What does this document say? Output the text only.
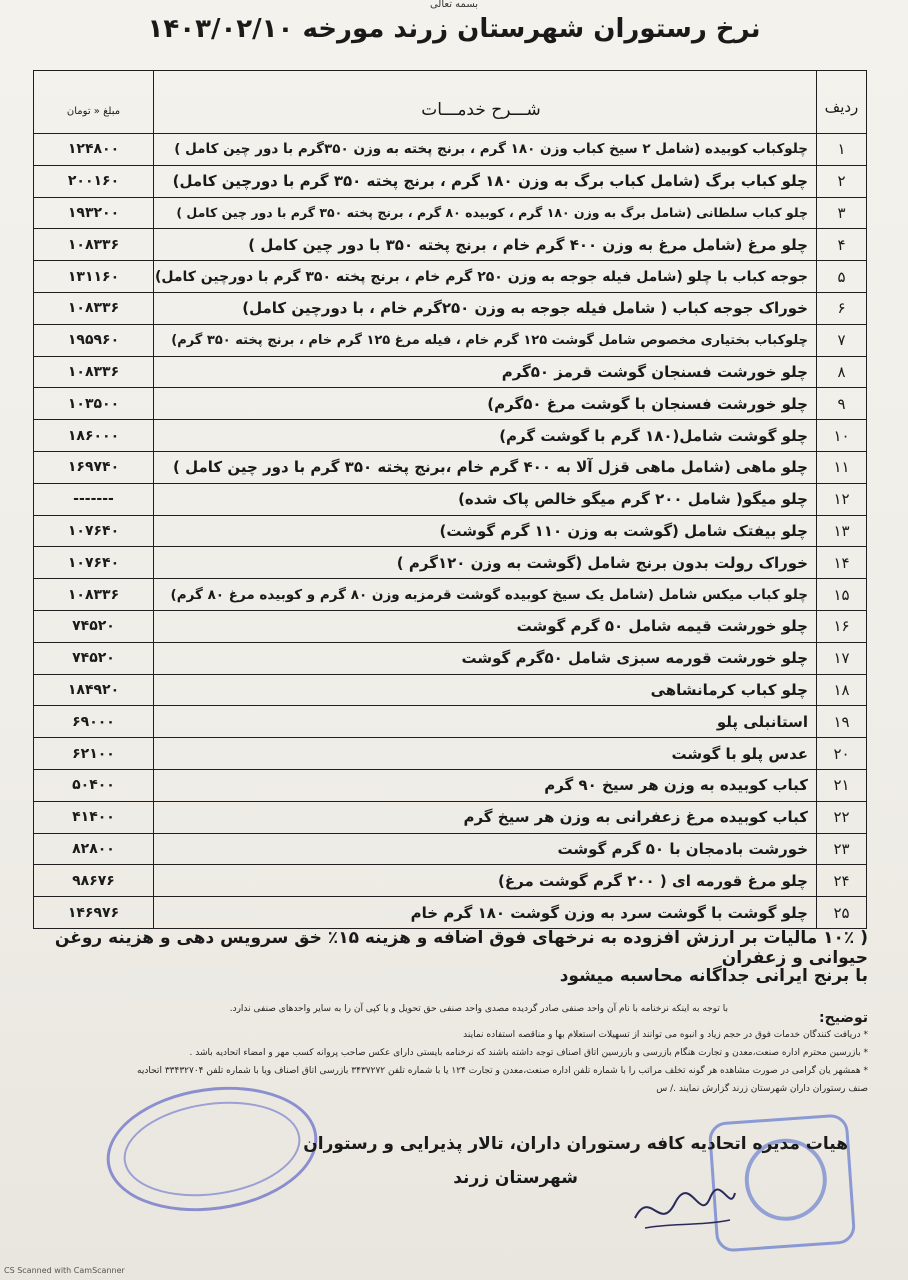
بسمه تعالی
نرخ رستوران شهرستان زرند مورخه ۱۴۰۳/۰۲/۱۰
ردیف	شـــرح خدمـــات	مبلغ « تومان
۱	چلوکباب کوبیده (شامل ۲ سیخ کباب وزن ۱۸۰ گرم ، برنج پخته به وزن ۳۵۰گرم با دور چین کامل )	۱۲۴۸۰۰
۲	چلو کباب برگ (شامل کباب برگ به وزن ۱۸۰ گرم ، برنج پخته ۳۵۰ گرم با دورچین کامل)	۲۰۰۱۶۰
۳	چلو کباب سلطانی (شامل برگ به وزن ۱۸۰ گرم ، کوبیده ۸۰ گرم ، برنج پخته ۳۵۰ گرم با دور چین کامل )	۱۹۳۲۰۰
۴	چلو مرغ (شامل مرغ به وزن ۴۰۰ گرم خام ، برنج پخته ۳۵۰ با دور چین کامل )	۱۰۸۳۳۶
۵	جوجه کباب با چلو (شامل فیله جوجه به وزن ۲۵۰ گرم خام ، برنج پخته ۳۵۰ گرم با دورچین کامل)	۱۳۱۱۶۰
۶	خوراک جوجه کباب ( شامل فیله جوجه به وزن ۲۵۰گرم خام ، با دورچین کامل)	۱۰۸۳۳۶
۷	چلوکباب بختیاری مخصوص شامل گوشت ۱۲۵ گرم خام ، فیله مرغ ۱۲۵ گرم خام ، برنج پخته ۳۵۰ گرم)	۱۹۵۹۶۰
۸	چلو خورشت فسنجان گوشت قرمز ۵۰گرم	۱۰۸۳۳۶
۹	چلو خورشت فسنجان با گوشت مرغ ۵۰گرم)	۱۰۳۵۰۰
۱۰	چلو گوشت شامل(۱۸۰ گرم با گوشت گرم)	۱۸۶۰۰۰
۱۱	چلو ماهی (شامل ماهی قزل آلا به ۴۰۰ گرم خام ،برنج پخته ۳۵۰ گرم با دور چین کامل )	۱۶۹۷۴۰
۱۲	چلو میگو( شامل ۲۰۰ گرم میگو خالص پاک شده)	-------
۱۳	چلو بیفتک شامل (گوشت به وزن ۱۱۰ گرم گوشت)	۱۰۷۶۴۰
۱۴	خوراک رولت بدون برنج شامل (گوشت به وزن ۱۲۰گرم )	۱۰۷۶۴۰
۱۵	چلو کباب میکس شامل (شامل یک سیخ کوبیده گوشت قرمزبه وزن ۸۰ گرم و کوبیده مرغ ۸۰ گرم)	۱۰۸۳۳۶
۱۶	چلو خورشت قیمه شامل ۵۰ گرم گوشت	۷۴۵۲۰
۱۷	چلو خورشت قورمه سبزی شامل ۵۰گرم گوشت	۷۴۵۲۰
۱۸	چلو کباب کرمانشاهی	۱۸۴۹۲۰
۱۹	استانبلی پلو	۶۹۰۰۰
۲۰	عدس پلو با گوشت	۶۲۱۰۰
۲۱	کباب کوبیده به وزن هر سیخ ۹۰ گرم	۵۰۴۰۰
۲۲	کباب کوبیده مرغ زعفرانی به وزن هر سیخ گرم	۴۱۴۰۰
۲۳	خورشت بادمجان با ۵۰ گرم گوشت	۸۲۸۰۰
۲۴	چلو مرغ قورمه ای ( ۲۰۰ گرم گوشت مرغ)	۹۸۶۷۶
۲۵	چلو گوشت با گوشت سرد به وزن گوشت ۱۸۰ گرم خام	۱۴۶۹۷۶
( ۱۰٪ مالیات بر ارزش افزوده به نرخهای فوق اضافه و هزینه ۱۵٪ خق سرویس دهی و هزینه روغن حیوانی و زعفران
با برنج ایرانی جداگانه محاسبه میشود
توضیح:
با توجه به اینکه نرخنامه با نام آن واحد صنفی صادر گردیده مصدی واحد صنفی حق تحویل و یا کپی آن را به سایر واحدهای صنفی ندارد.
* دریافت کنندگان خدمات فوق در حجم زیاد و انبوه می توانند از تسهیلات استعلام بها و مناقصه استفاده نمایند
* بازرسین محترم اداره صنعت،معدن و تجارت هنگام بازرسی و بازرسین اتاق اصناف توجه داشته باشند که نرخنامه بایستی دارای عکس صاحب پروانه کسب مهر و امضاء اتحادیه باشد .
* همشهر یان گرامی در صورت مشاهده هر گونه تخلف مراتب را با شماره تلفن اداره صنعت،معدن و تجارت ۱۲۴ یا با شماره تلفن ۳۴۳۷۲۷۲ بازرسی اتاق اصناف ویا با شماره تلفن ۳۳۴۳۲۷۰۴ اتحادیه
صنف رستوران داران شهرستان زرند گزارش نمایند ./ س
هیات مدیره اتحادیه کافه رستوران داران، تالار پذیرایی و رستوران
شهرستان زرند
CS Scanned with CamScanner
